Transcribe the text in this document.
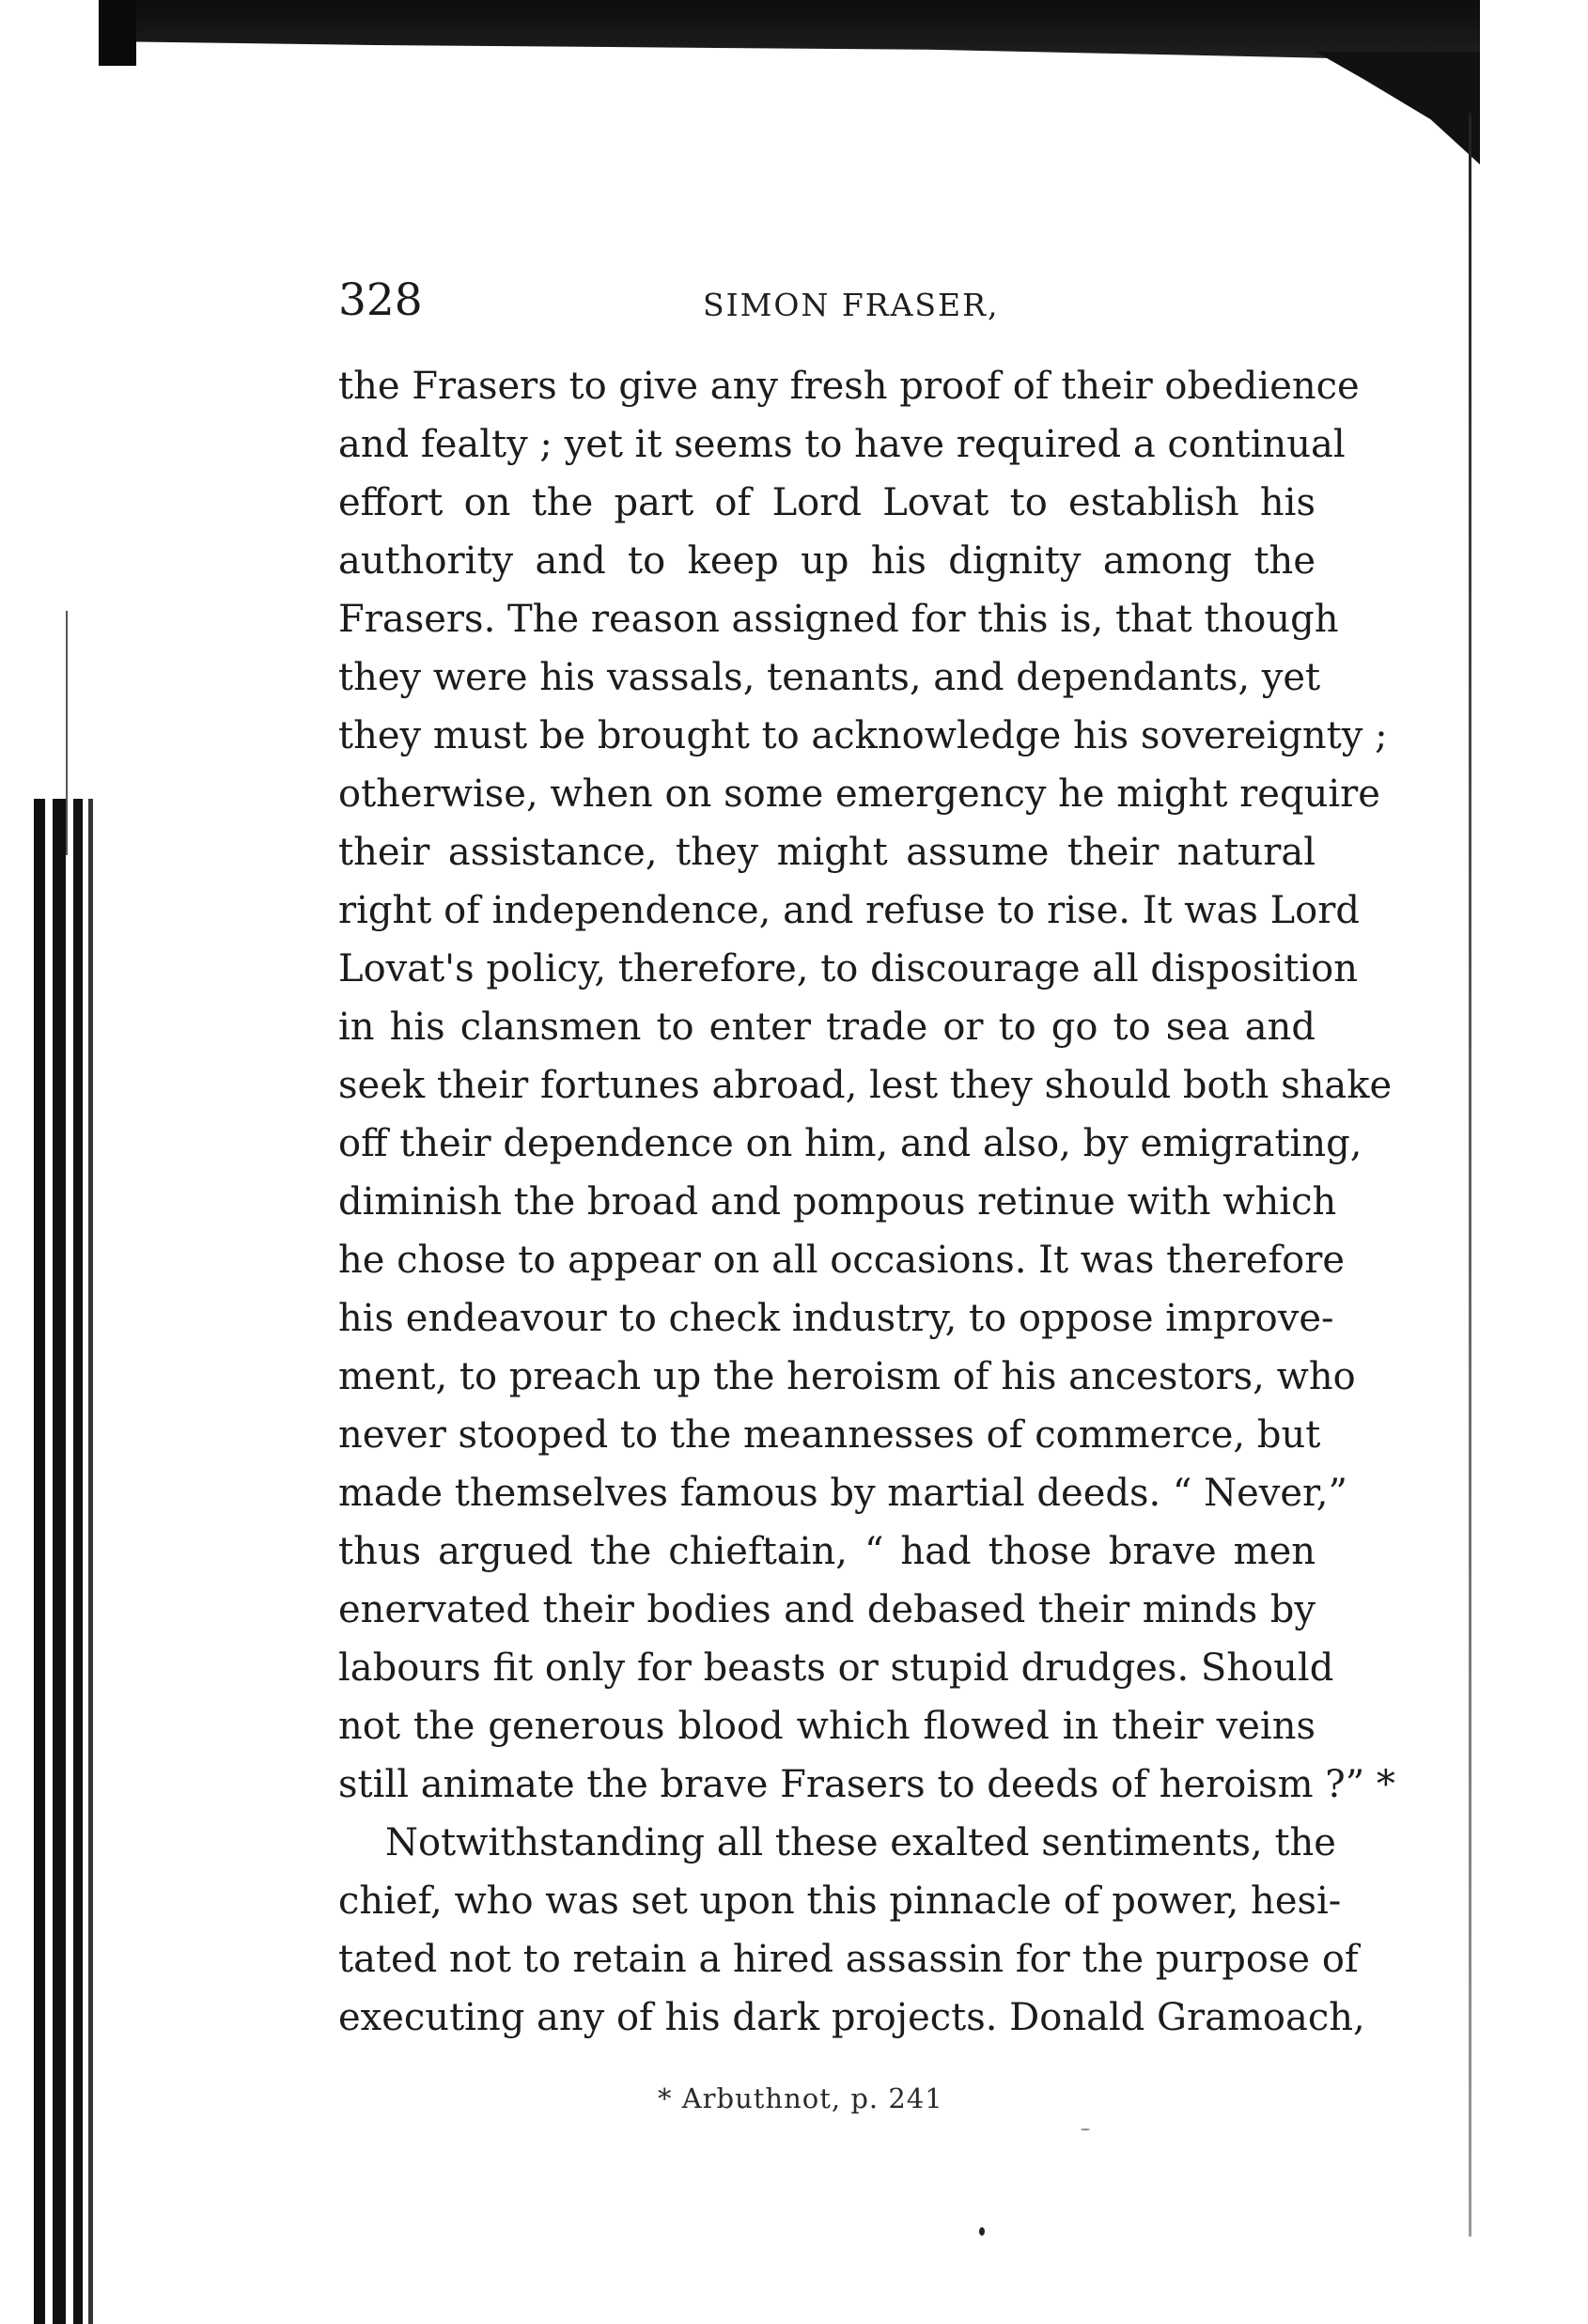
328	SIMON FRASER,
the Frasers to give any fresh proof of their obedience
and fealty ; yet it seems to have required a continual
effort on the part of Lord Lovat to establish his
authority and to keep up his dignity among the
Frasers. The reason assigned for this is, that though
they were his vassals, tenants, and dependants, yet
they must be brought to acknowledge his sovereignty ;
otherwise, when on some emergency he might require
their assistance, they might assume their natural
right of independence, and refuse to rise. It was Lord
Lovat's policy, therefore, to discourage all disposition
in his clansmen to enter trade or to go to sea and
seek their fortunes abroad, lest they should both shake
off their dependence on him, and also, by emigrating,
diminish the broad and pompous retinue with which
he chose to appear on all occasions. It was therefore
his endeavour to check industry, to oppose improve-
ment, to preach up the heroism of his ancestors, who
never stooped to the meannesses of commerce, but
made themselves famous by martial deeds. “ Never,”
thus argued the chieftain, “ had those brave men
enervated their bodies and debased their minds by
labours fit only for beasts or stupid drudges. Should
not the generous blood which flowed in their veins
still animate the brave Frasers to deeds of heroism ?” *
Notwithstanding all these exalted sentiments, the
chief, who was set upon this pinnacle of power, hesi-
tated not to retain a hired assassin for the purpose of
executing any of his dark projects. Donald Gramoach,
* Arbuthnot, p. 241
